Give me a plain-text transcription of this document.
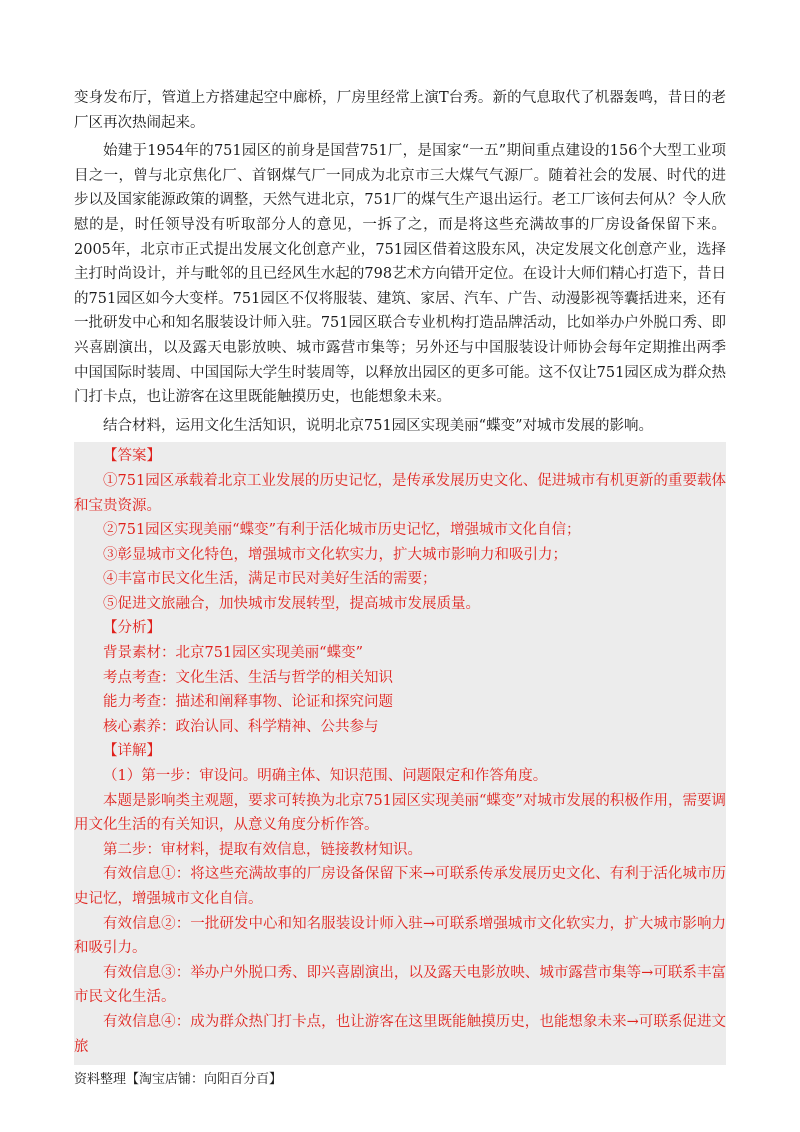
变身发布厅，管道上方搭建起空中廊桥，厂房里经常上演T台秀。新的气息取代了机器轰鸣，昔日的老厂区再次热闹起来。

始建于1954年的751园区的前身是国营751厂，是国家“一五”期间重点建设的156个大型工业项目之一，曾与北京焦化厂、首钢煤气厂一同成为北京市三大煤气气源厂。随着社会的发展、时代的进步以及国家能源政策的调整，天然气进北京，751厂的煤气生产退出运行。老工厂该何去何从？令人欣慰的是，时任领导没有听取部分人的意见，一拆了之，而是将这些充满故事的厂房设备保留下来。2005年，北京市正式提出发展文化创意产业，751园区借着这股东风，决定发展文化创意产业，选择主打时尚设计，并与毗邻的且已经风生水起的798艺术方向错开定位。在设计大师们精心打造下，昔日的751园区如今大变样。751园区不仅将服装、建筑、家居、汽车、广告、动漫影视等囊括进来，还有一批研发中心和知名服装设计师入驻。751园区联合专业机构打造品牌活动，比如举办户外脱口秀、即兴喜剧演出，以及露天电影放映、城市露营市集等；另外还与中国服装设计师协会每年定期推出两季中国国际时装周、中国国际大学生时装周等，以释放出园区的更多可能。这不仅让751园区成为群众热门打卡点，也让游客在这里既能触摸历史，也能想象未来。

结合材料，运用文化生活知识，说明北京751园区实现美丽“蝶变”对城市发展的影响。

【答案】

①751园区承载着北京工业发展的历史记忆，是传承发展历史文化、促进城市有机更新的重要载体和宝贵资源。

②751园区实现美丽“蝶变”有利于活化城市历史记忆，增强城市文化自信；

③彰显城市文化特色，增强城市文化软实力，扩大城市影响力和吸引力；

④丰富市民文化生活，满足市民对美好生活的需要；

⑤促进文旅融合，加快城市发展转型，提高城市发展质量。

【分析】

背景素材：北京751园区实现美丽“蝶变”

考点考查：文化生活、生活与哲学的相关知识

能力考查：描述和阐释事物、论证和探究问题

核心素养：政治认同、科学精神、公共参与

【详解】

（1）第一步：审设问。明确主体、知识范围、问题限定和作答角度。

本题是影响类主观题，要求可转换为北京751园区实现美丽“蝶变”对城市发展的积极作用，需要调用文化生活的有关知识，从意义角度分析作答。

第二步：审材料，提取有效信息，链接教材知识。

有效信息①：将这些充满故事的厂房设备保留下来→可联系传承发展历史文化、有利于活化城市历史记忆，增强城市文化自信。

有效信息②：一批研发中心和知名服装设计师入驻→可联系增强城市文化软实力，扩大城市影响力和吸引力。

有效信息③：举办户外脱口秀、即兴喜剧演出，以及露天电影放映、城市露营市集等→可联系丰富市民文化生活。

有效信息④：成为群众热门打卡点，也让游客在这里既能触摸历史，也能想象未来→可联系促进文旅

资料整理【淘宝店铺：向阳百分百】
